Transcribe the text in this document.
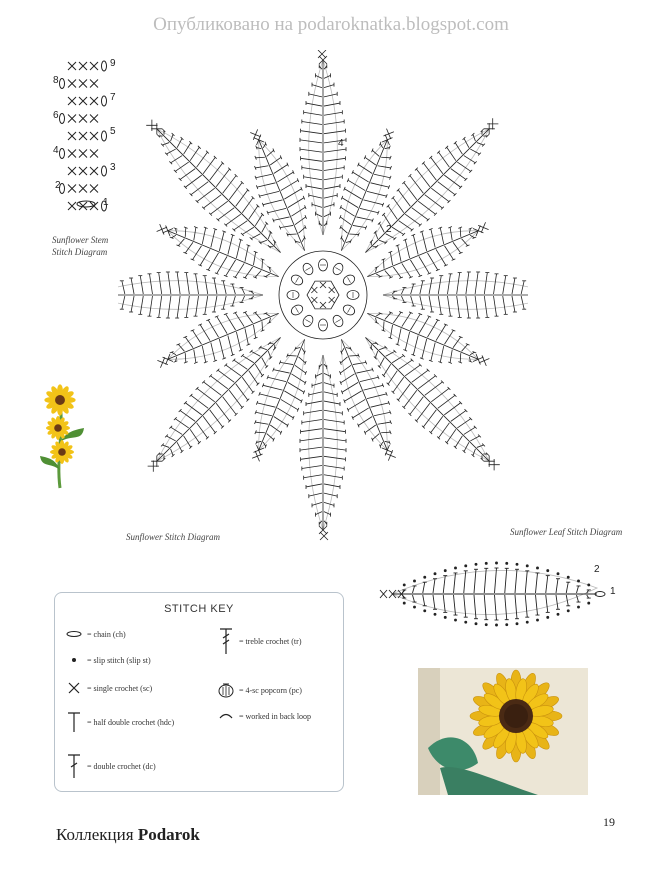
Опубликовано на podaroknatka.blogspot.com
1
2
3
4
5
6
7
8
9
Sunflower Stem
Stitch Diagram
2
4
Sunflower Stitch Diagram	Sunflower Leaf Stitch Diagram
2
1
STITCH KEY
= chain (ch)
= slip stitch (slip st)
= single crochet (sc)
= half double crochet (hdc)
= double crochet (dc)
= treble crochet (tr)
= 4-sc popcorn (pc)
= worked in back loop
19
Коллекция Podarok
